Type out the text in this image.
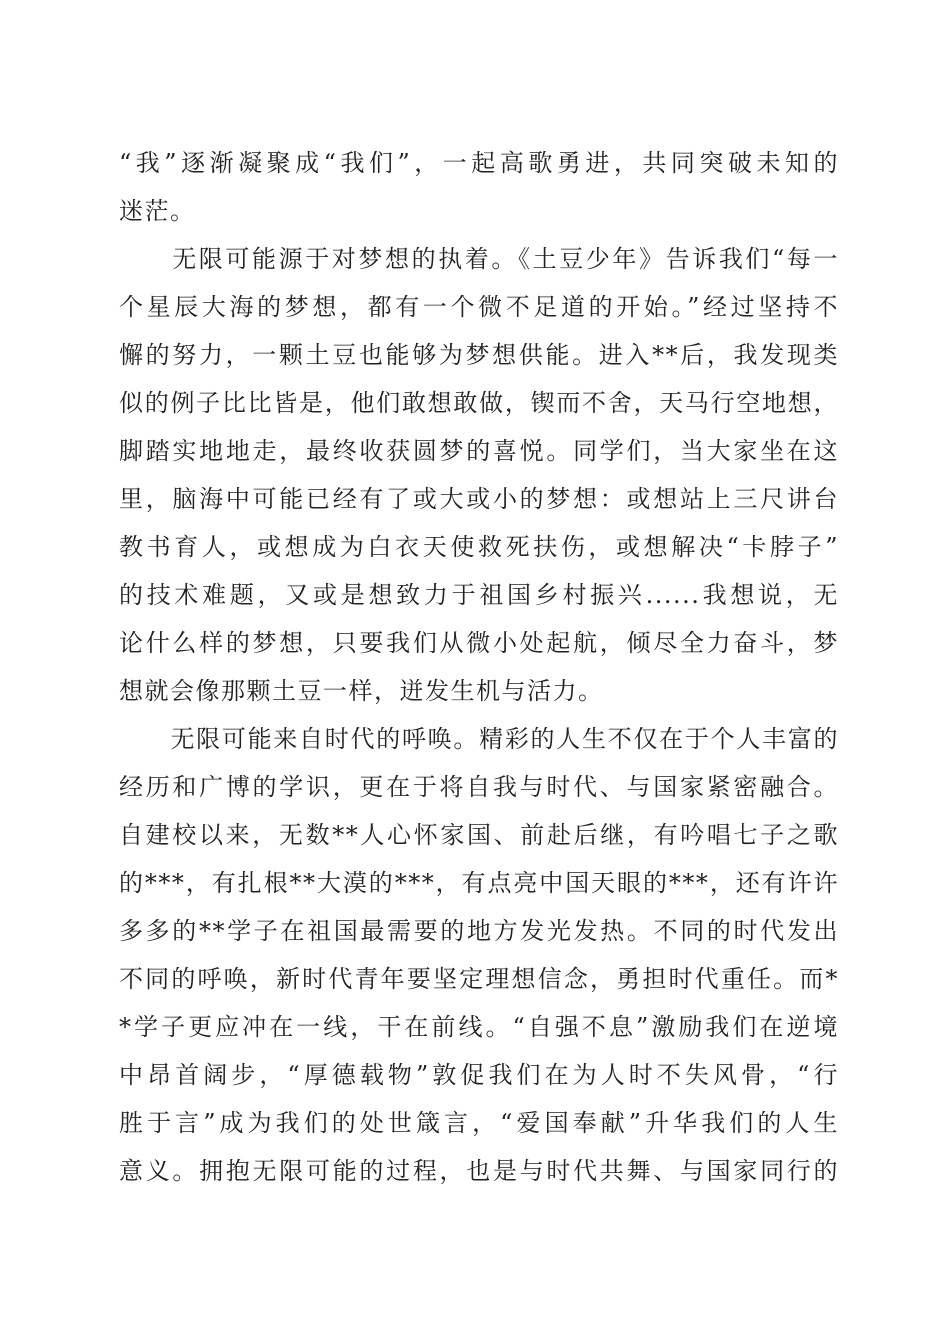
“我”逐渐凝聚成“我们”，一起高歌勇进，共同突破未知的
迷茫。
　　无限可能源于对梦想的执着。《土豆少年》告诉我们“每一
个星辰大海的梦想，都有一个微不足道的开始。”经过坚持不
懈的努力，一颗土豆也能够为梦想供能。进入**后，我发现类
似的例子比比皆是，他们敢想敢做，锲而不舍，天马行空地想，
脚踏实地地走，最终收获圆梦的喜悦。同学们，当大家坐在这
里，脑海中可能已经有了或大或小的梦想：或想站上三尺讲台
教书育人，或想成为白衣天使救死扶伤，或想解决“卡脖子”
的技术难题，又或是想致力于祖国乡村振兴......我想说，无
论什么样的梦想，只要我们从微小处起航，倾尽全力奋斗，梦
想就会像那颗土豆一样，迸发生机与活力。
　　无限可能来自时代的呼唤。精彩的人生不仅在于个人丰富的
经历和广博的学识，更在于将自我与时代、与国家紧密融合。
自建校以来，无数**人心怀家国、前赴后继，有吟唱七子之歌
的***，有扎根**大漠的***，有点亮中国天眼的***，还有许许
多多的**学子在祖国最需要的地方发光发热。不同的时代发出
不同的呼唤，新时代青年要坚定理想信念，勇担时代重任。而*
*学子更应冲在一线，干在前线。“自强不息”激励我们在逆境
中昂首阔步，“厚德载物”敦促我们在为人时不失风骨，“行
胜于言”成为我们的处世箴言，“爱国奉献”升华我们的人生
意义。拥抱无限可能的过程，也是与时代共舞、与国家同行的
